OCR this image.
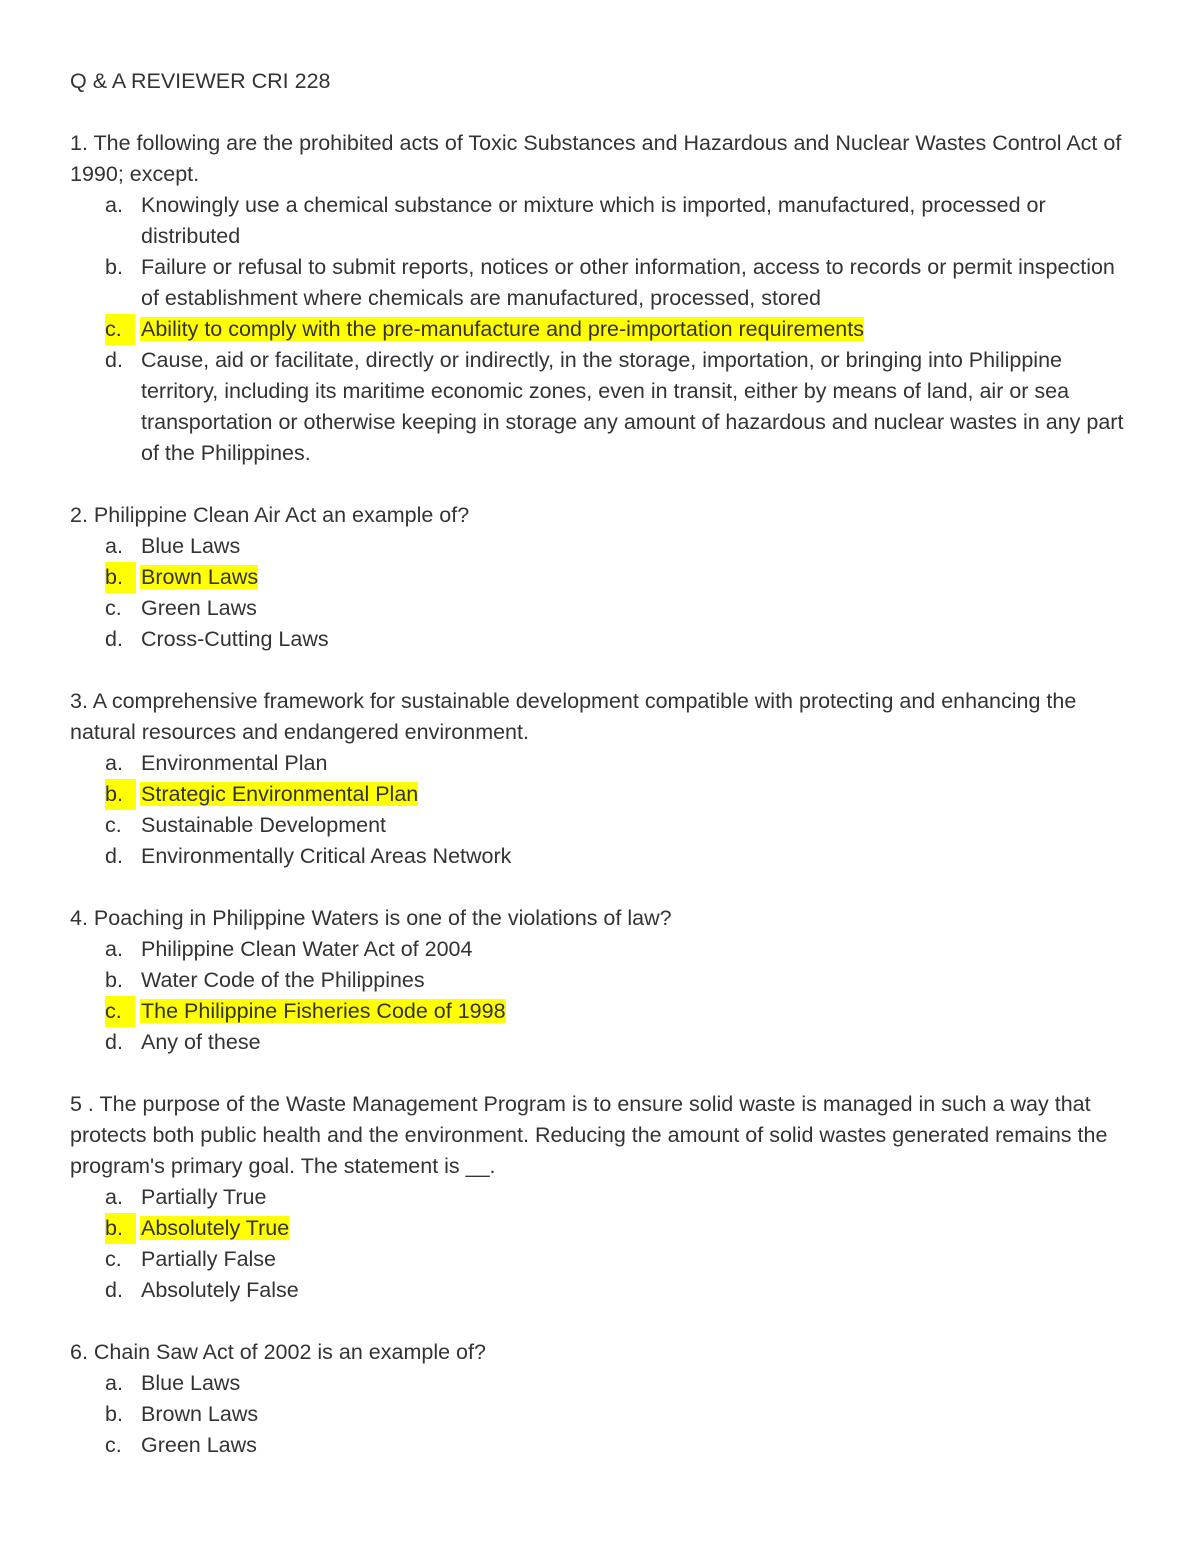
Q & A REVIEWER CRI 228

1. The following are the prohibited acts of Toxic Substances and Hazardous and Nuclear Wastes Control Act of 1990; except.

a. Knowingly use a chemical substance or mixture which is imported, manufactured, processed or distributed
b. Failure or refusal to submit reports, notices or other information, access to records or permit inspection of establishment where chemicals are manufactured, processed, stored
c. Ability to comply with the pre-manufacture and pre-importation requirements
d. Cause, aid or facilitate, directly or indirectly, in the storage, importation, or bringing into Philippine territory, including its maritime economic zones, even in transit, either by means of land, air or sea transportation or otherwise keeping in storage any amount of hazardous and nuclear wastes in any part of the Philippines.

2. Philippine Clean Air Act an example of?

a. Blue Laws
b. Brown Laws
c. Green Laws
d. Cross-Cutting Laws

3. A comprehensive framework for sustainable development compatible with protecting and enhancing the natural resources and endangered environment.

a. Environmental Plan
b. Strategic Environmental Plan
c. Sustainable Development
d. Environmentally Critical Areas Network

4. Poaching in Philippine Waters is one of the violations of law?

a. Philippine Clean Water Act of 2004
b. Water Code of the Philippines
c. The Philippine Fisheries Code of 1998
d. Any of these

5 . The purpose of the Waste Management Program is to ensure solid waste is managed in such a way that protects both public health and the environment. Reducing the amount of solid wastes generated remains the program's primary goal. The statement is __.

a. Partially True
b. Absolutely True
c. Partially False
d. Absolutely False

6. Chain Saw Act of 2002 is an example of?

a. Blue Laws
b. Brown Laws
c. Green Laws
